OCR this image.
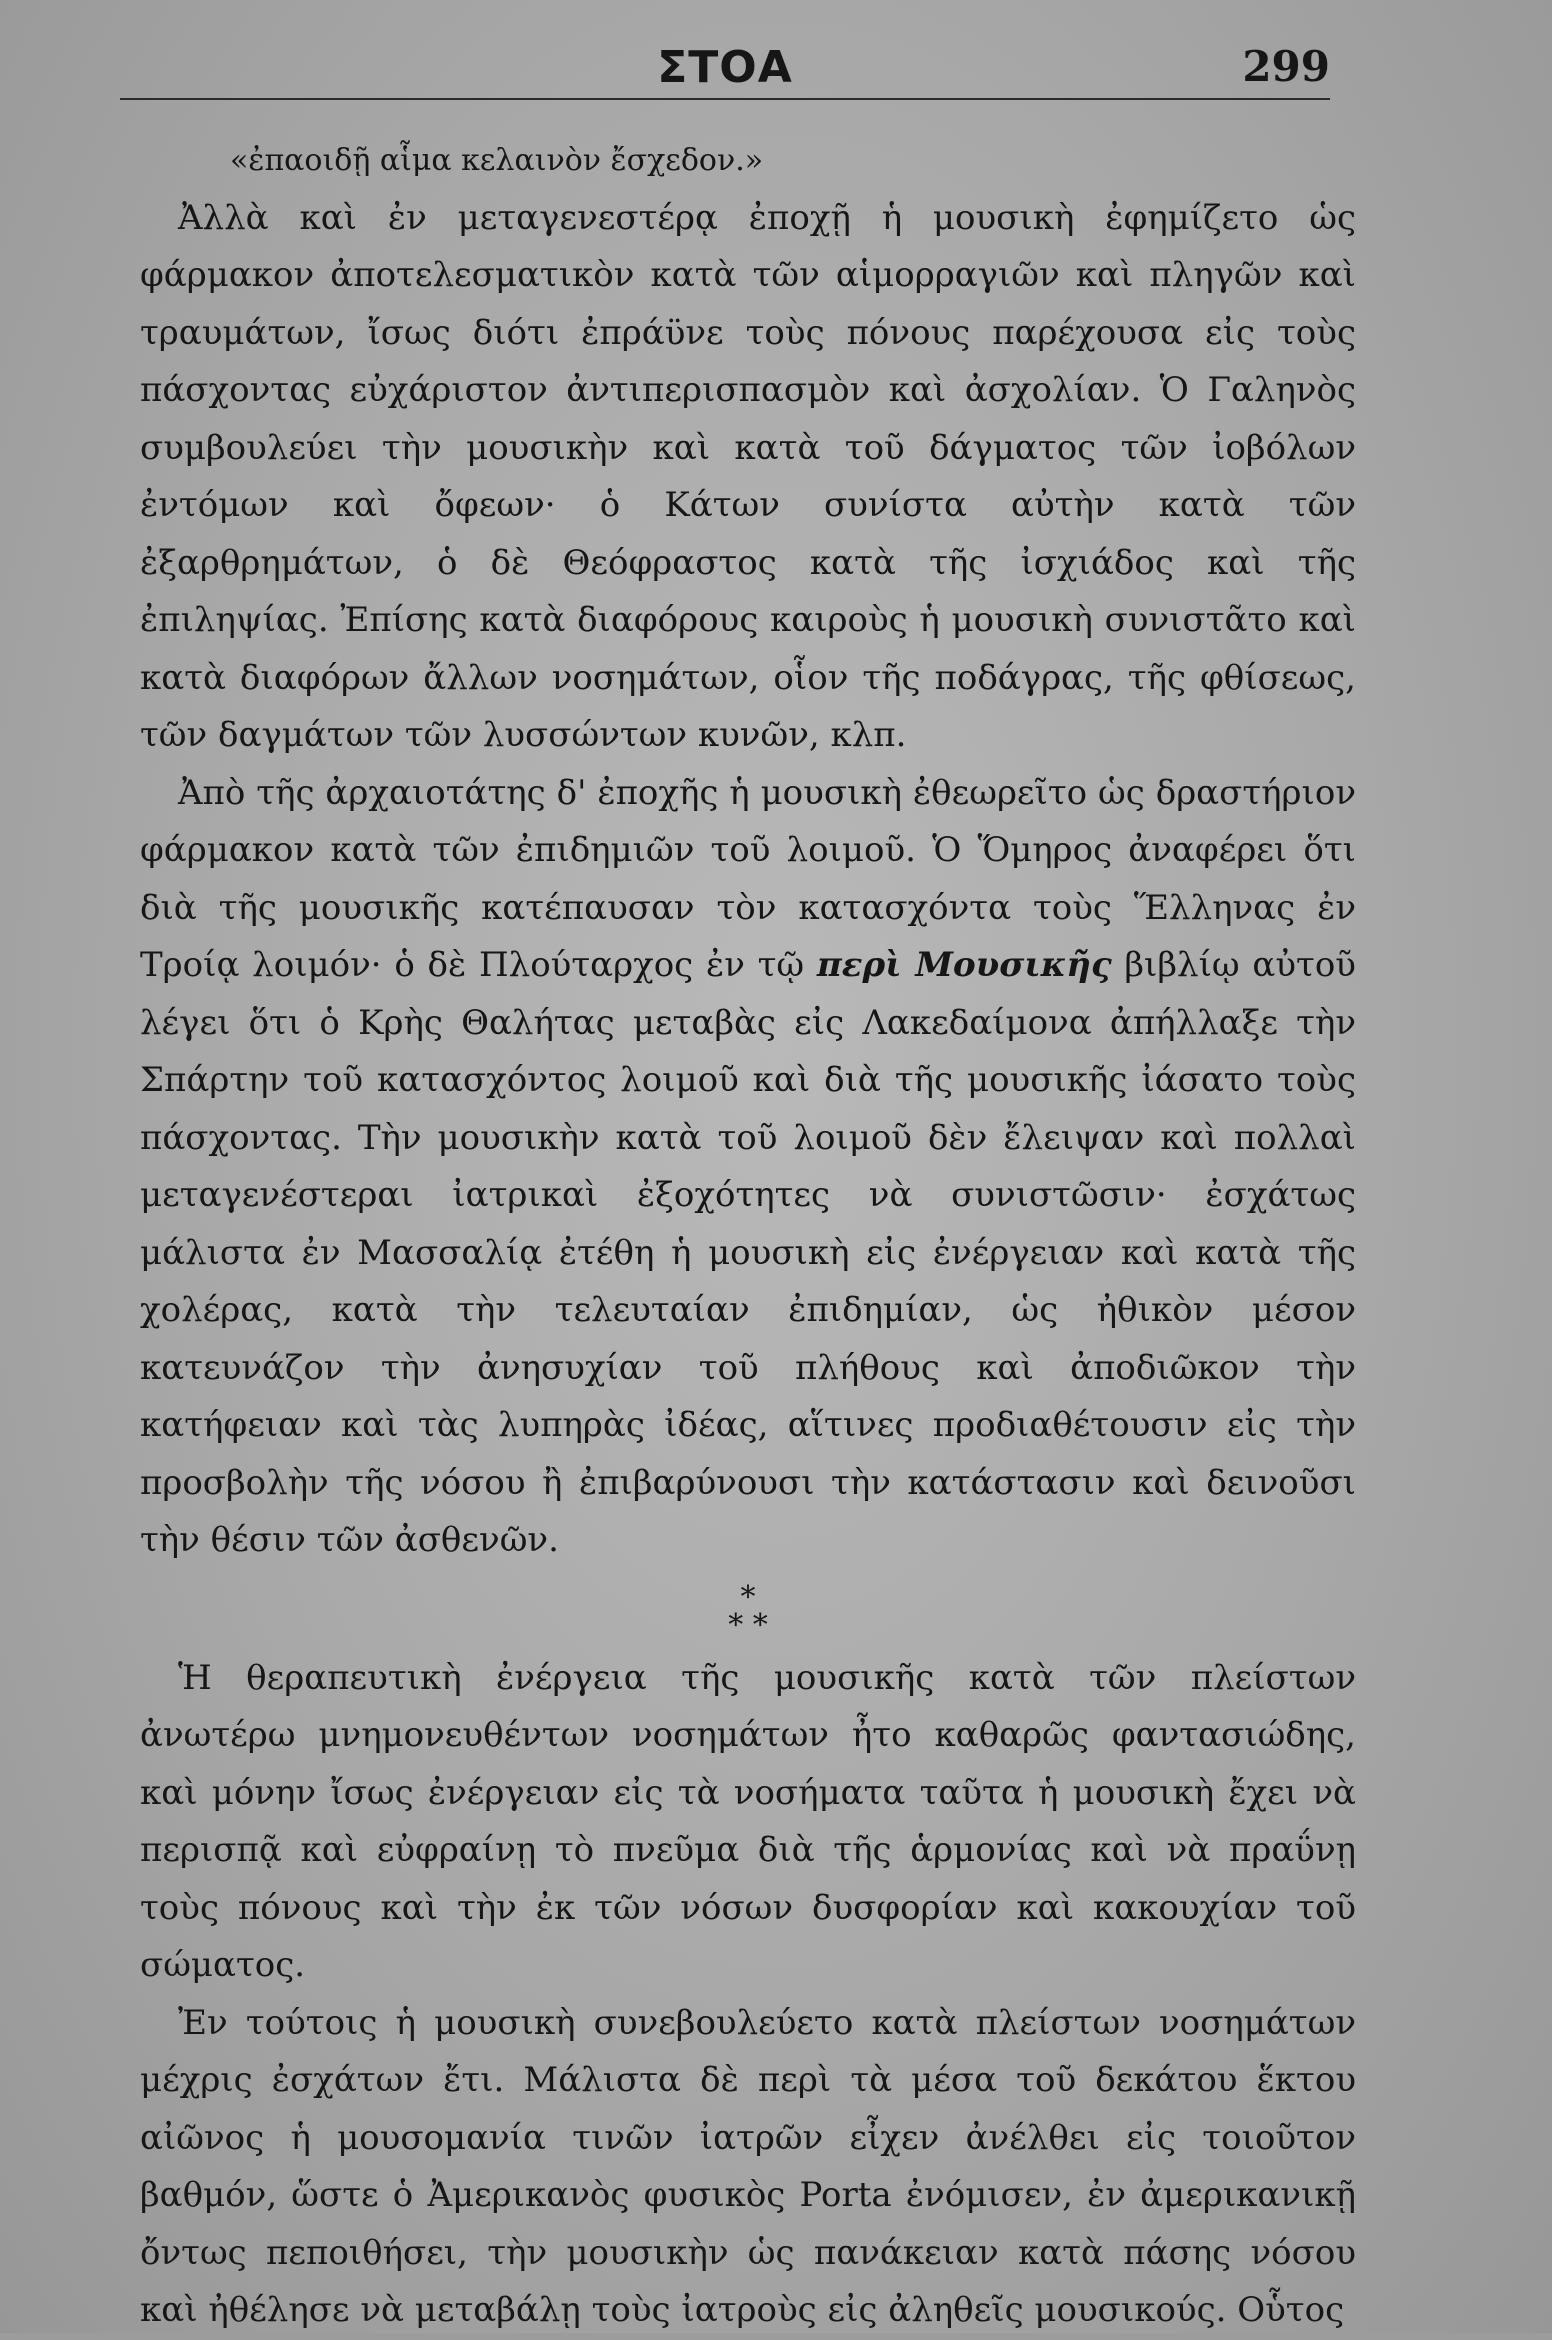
ΣΤΟΑ	299

«ἐπαοιδῇ αἷμα κελαινὸν ἔσχεδον.»

Ἀλλὰ καὶ ἐν μεταγενεστέρᾳ ἐποχῇ ἡ μουσικὴ ἐφημίζετο ὡς φάρμακον ἀποτελεσματικὸν κατὰ τῶν αἱμορραγιῶν καὶ πληγῶν καὶ τραυμάτων, ἴσως διότι ἐπράϋνε τοὺς πόνους παρέχουσα εἰς τοὺς πάσχοντας εὐχάριστον ἀντιπερισπασμὸν καὶ ἀσχολίαν. Ὁ Γαληνὸς συμβουλεύει τὴν μουσικὴν καὶ κατὰ τοῦ δάγματος τῶν ἰοβόλων ἐντόμων καὶ ὄφεων· ὁ Κάτων συνίστα αὐτὴν κατὰ τῶν ἐξαρθρημάτων, ὁ δὲ Θεόφραστος κατὰ τῆς ἰσχιάδος καὶ τῆς ἐπιληψίας. Ἐπίσης κατὰ διαφόρους καιροὺς ἡ μουσικὴ συνιστᾶτο καὶ κατὰ διαφόρων ἄλλων νοσημάτων, οἷον τῆς ποδάγρας, τῆς φθίσεως, τῶν δαγμάτων τῶν λυσσώντων κυνῶν, κλπ.

Ἀπὸ τῆς ἀρχαιοτάτης δ' ἐποχῆς ἡ μουσικὴ ἐθεωρεῖτο ὡς δραστήριον φάρμακον κατὰ τῶν ἐπιδημιῶν τοῦ λοιμοῦ. Ὁ Ὅμηρος ἀναφέρει ὅτι διὰ τῆς μουσικῆς κατέπαυσαν τὸν κατασχόντα τοὺς Ἕλληνας ἐν Τροίᾳ λοιμόν· ὁ δὲ Πλούταρχος ἐν τῷ περὶ Μουσικῆς βιβλίῳ αὐτοῦ λέγει ὅτι ὁ Κρὴς Θαλήτας μεταβὰς εἰς Λακεδαίμονα ἀπήλλαξε τὴν Σπάρτην τοῦ κατασχόντος λοιμοῦ καὶ διὰ τῆς μουσικῆς ἰάσατο τοὺς πάσχοντας. Τὴν μουσικὴν κατὰ τοῦ λοιμοῦ δὲν ἔλειψαν καὶ πολλαὶ μεταγενέστεραι ἰατρικαὶ ἐξοχότητες νὰ συνιστῶσιν· ἐσχάτως μάλιστα ἐν Μασσαλίᾳ ἐτέθη ἡ μουσικὴ εἰς ἐνέργειαν καὶ κατὰ τῆς χολέρας, κατὰ τὴν τελευταίαν ἐπιδημίαν, ὡς ἠθικὸν μέσον κατευνάζον τὴν ἀνησυχίαν τοῦ πλήθους καὶ ἀποδιῶκον τὴν κατήφειαν καὶ τὰς λυπηρὰς ἰδέας, αἵτινες προδιαθέτουσιν εἰς τὴν προσβολὴν τῆς νόσου ἢ ἐπιβαρύνουσι τὴν κατάστασιν καὶ δεινοῦσι τὴν θέσιν τῶν ἀσθενῶν.

*
* *

Ἡ θεραπευτικὴ ἐνέργεια τῆς μουσικῆς κατὰ τῶν πλείστων ἀνωτέρω μνημονευθέντων νοσημάτων ἦτο καθαρῶς φαντασιώδης, καὶ μόνην ἴσως ἐνέργειαν εἰς τὰ νοσήματα ταῦτα ἡ μουσικὴ ἔχει νὰ περισπᾷ καὶ εὐφραίνῃ τὸ πνεῦμα διὰ τῆς ἁρμονίας καὶ νὰ πραΰνῃ τοὺς πόνους καὶ τὴν ἐκ τῶν νόσων δυσφορίαν καὶ κακουχίαν τοῦ σώματος.

Ἐν τούτοις ἡ μουσικὴ συνεβουλεύετο κατὰ πλείστων νοσημάτων μέχρις ἐσχάτων ἔτι. Μάλιστα δὲ περὶ τὰ μέσα τοῦ δεκάτου ἕκτου αἰῶνος ἡ μουσομανία τινῶν ἰατρῶν εἶχεν ἀνέλθει εἰς τοιοῦτον βαθμόν, ὥστε ὁ Ἀμερικανὸς φυσικὸς Porta ἐνόμισεν, ἐν ἀμερικανικῇ ὄντως πεποιθήσει, τὴν μουσικὴν ὡς πανάκειαν κατὰ πάσης νόσου καὶ ἠθέλησε νὰ μεταβάλῃ τοὺς ἰατροὺς εἰς ἀληθεῖς μουσικούς. Οὗτος
